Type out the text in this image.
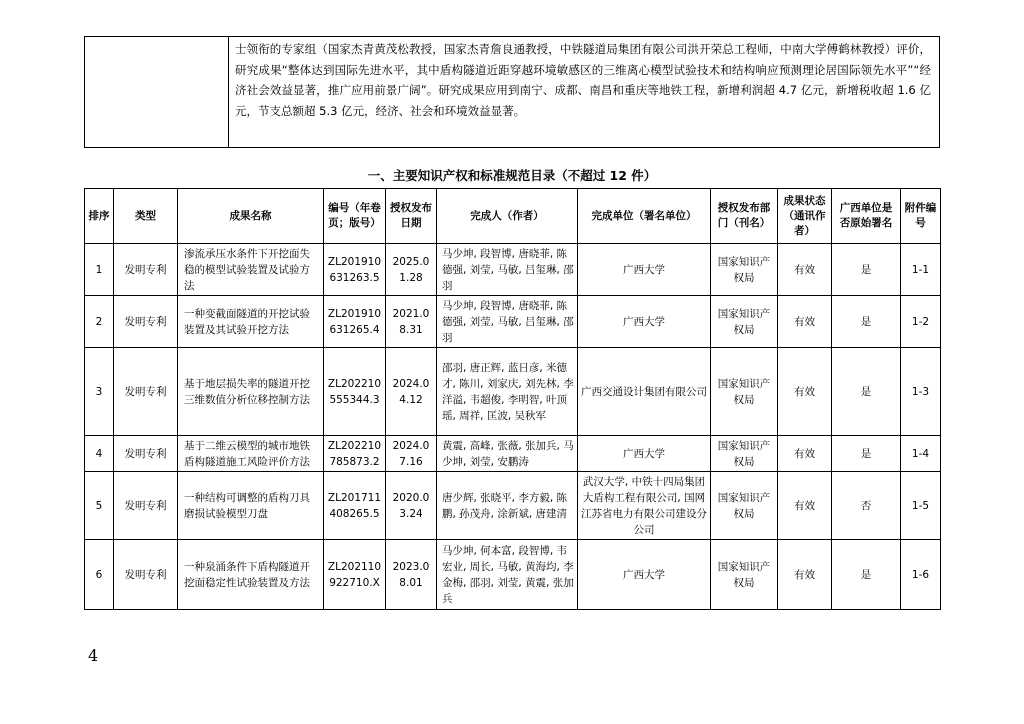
士领衔的专家组（国家杰青黄茂松教授，国家杰青詹良通教授，中铁隧道局集团有限公司洪开荣总工程师，中南大学傅鹤林教授）评价，研究成果“整体达到国际先进水平，其中盾构隧道近距穿越环境敏感区的三维离心模型试验技术和结构响应预测理论居国际领先水平”“经济社会效益显著，推广应用前景广阔”。研究成果应用到南宁、成都、南昌和重庆等地铁工程，新增利润超 4.7 亿元，新增税收超 1.6 亿元，节支总额超 5.3 亿元，经济、社会和环境效益显著。
一、主要知识产权和标准规范目录（不超过 12 件）
排序	类型	成果名称	编号（年卷页；版号）	授权发布日期	完成人（作者）	完成单位（署名单位）	授权发布部门（刊名）	成果状态（通讯作者）	广西单位是否原始署名	附件编号
1	发明专利	渗流承压水条件下开挖面失稳的模型试验装置及试验方法	ZL201910631263.5	2025.01.28	马少坤, 段智博, 唐晓菲, 陈德强, 刘莹, 马敏, 吕玺琳, 邵羽	广西大学	国家知识产权局	有效	是	1-1
2	发明专利	一种变截面隧道的开挖试验装置及其试验开挖方法	ZL201910631265.4	2021.08.31	马少坤, 段智博, 唐晓菲, 陈德强, 刘莹, 马敏, 吕玺琳, 邵羽	广西大学	国家知识产权局	有效	是	1-2
3	发明专利	基于地层损失率的隧道开挖三维数值分析位移控制方法	ZL202210555344.3	2024.04.12	邵羽, 唐正辉, 蓝日彦, 米德才, 陈川, 刘家庆, 刘先林, 李洋溢, 韦超俊, 李明智, 叶顶瑶, 周祥, 匡波, 吴秋军	广西交通设计集团有限公司	国家知识产权局	有效	是	1-3
4	发明专利	基于二维云模型的城市地铁盾构隧道施工风险评价方法	ZL202210785873.2	2024.07.16	黄震, 高峰, 张薇, 张加兵, 马少坤, 刘莹, 安鹏涛	广西大学	国家知识产权局	有效	是	1-4
5	发明专利	一种结构可调整的盾构刀具磨损试验模型刀盘	ZL201711408265.5	2020.03.24	唐少辉, 张晓平, 李方毅, 陈鹏, 孙茂舟, 涂新斌, 唐建清	武汉大学, 中铁十四局集团大盾构工程有限公司, 国网江苏省电力有限公司建设分公司	国家知识产权局	有效	否	1-5
6	发明专利	一种泉涌条件下盾构隧道开挖面稳定性试验装置及方法	ZL202110922710.X	2023.08.01	马少坤, 何本富, 段智博, 韦宏业, 周长, 马敏, 黄海均, 李金梅, 邵羽, 刘莹, 黄震, 张加兵	广西大学	国家知识产权局	有效	是	1-6
4
